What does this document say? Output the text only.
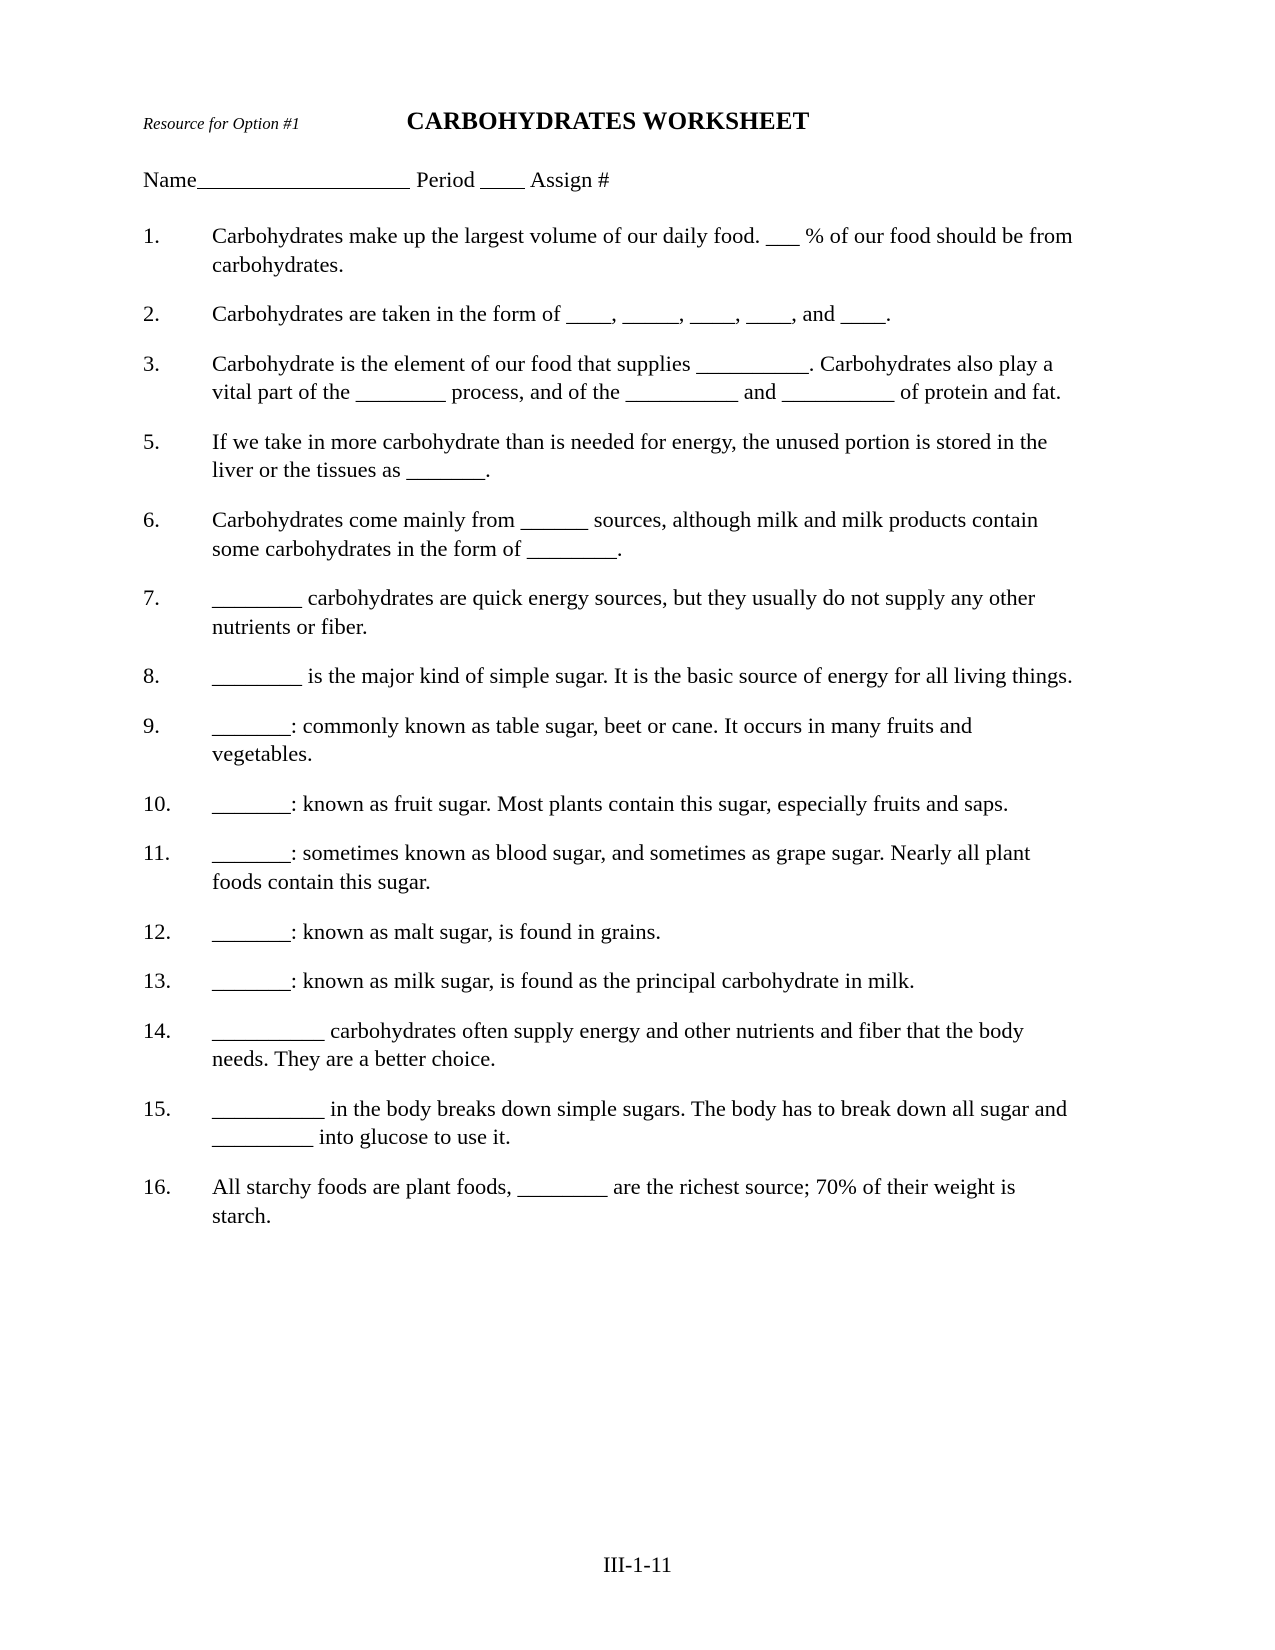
Resource for Option #1	CARBOHYDRATES WORKSHEET
Name	Period Assign #
1.	Carbohydrates make up the largest volume of our daily food. ___ % of our food should be from carbohydrates.
2.	Carbohydrates are taken in the form of ____, _____, ____, ____, and ____.
3.	Carbohydrate is the element of our food that supplies __________. Carbohydrates also play a vital part of the ________ process, and of the __________ and __________ of protein and fat.
5.	If we take in more carbohydrate than is needed for energy, the unused portion is stored in the liver or the tissues as _______.
6.	Carbohydrates come mainly from ______ sources, although milk and milk products contain some carbohydrates in the form of ________.
7.	________ carbohydrates are quick energy sources, but they usually do not supply any other nutrients or fiber.
8.	________ is the major kind of simple sugar. It is the basic source of energy for all living things.
9.	_______: commonly known as table sugar, beet or cane. It occurs in many fruits and vegetables.
10.	_______: known as fruit sugar. Most plants contain this sugar, especially fruits and saps.
11.	_______: sometimes known as blood sugar, and sometimes as grape sugar. Nearly all plant foods contain this sugar.
12.	_______: known as malt sugar, is found in grains.
13.	_______: known as milk sugar, is found as the principal carbohydrate in milk.
14.	__________ carbohydrates often supply energy and other nutrients and fiber that the body needs. They are a better choice.
15.	__________ in the body breaks down simple sugars. The body has to break down all sugar and _________ into glucose to use it.
16.	All starchy foods are plant foods, ________ are the richest source; 70% of their weight is starch.
III-1-11
